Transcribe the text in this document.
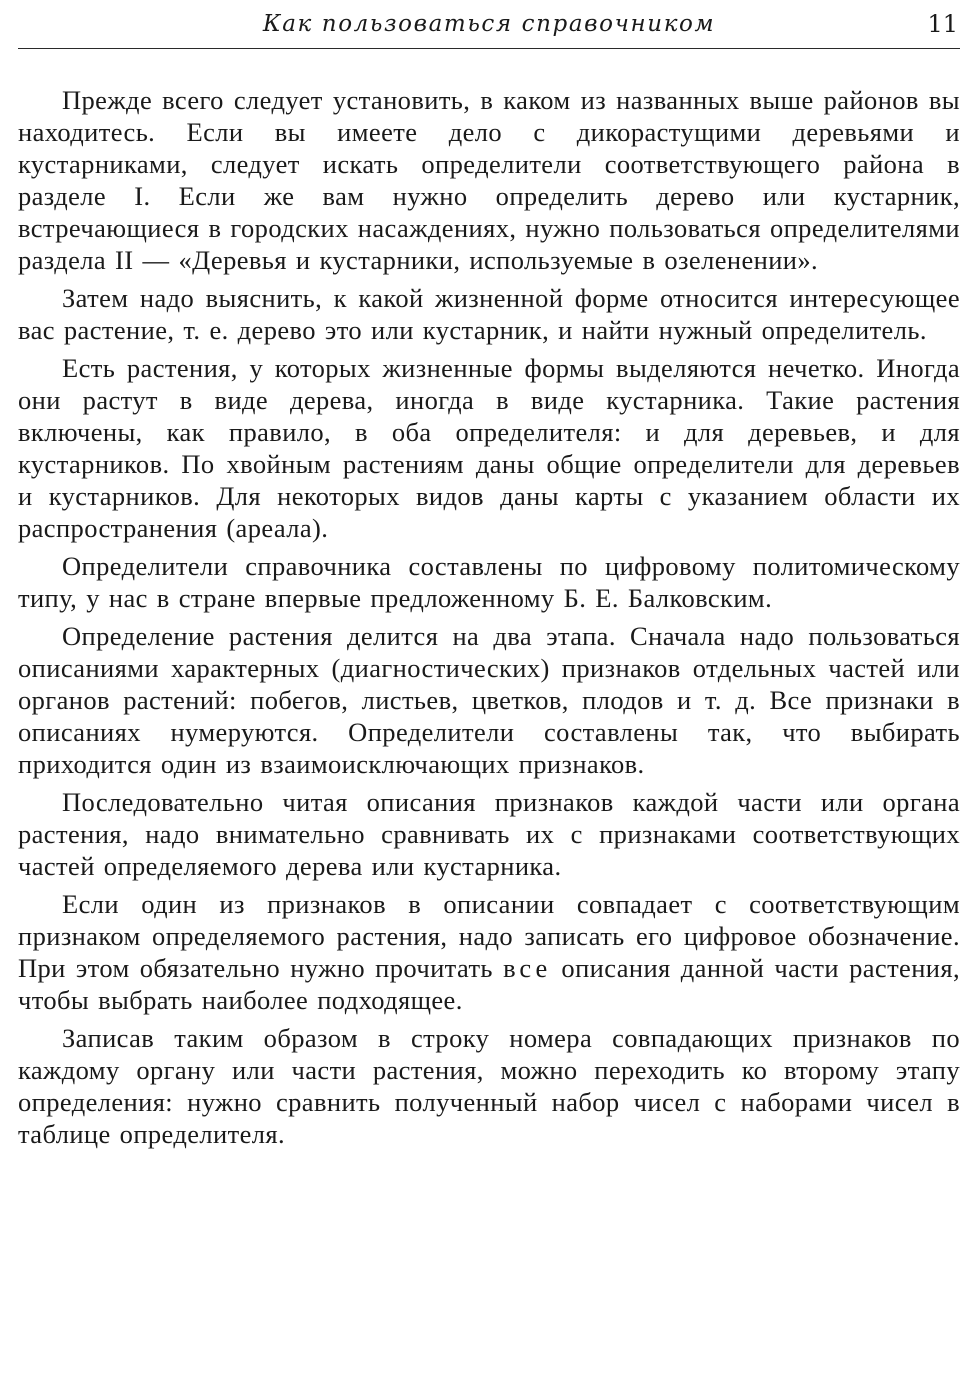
Как пользоваться справочником	11

Прежде всего следует установить, в каком из названных выше районов вы находитесь. Если вы имеете дело с дикорастущими деревьями и кустарниками, следует искать определители соответствующего района в разделе I. Если же вам нужно определить дерево или кустарник, встречающиеся в городских насаждениях, нужно пользоваться определителями раздела II — «Деревья и кустарники, используемые в озеленении».

Затем надо выяснить, к какой жизненной форме относится интересующее вас растение, т. е. дерево это или кустарник, и найти нужный определитель.

Есть растения, у которых жизненные формы выделяются нечетко. Иногда они растут в виде дерева, иногда в виде кустарника. Такие растения включены, как правило, в оба определителя: и для деревьев, и для кустарников. По хвойным растениям даны общие определители для деревьев и кустарников. Для некоторых видов даны карты с указанием области их распространения (ареала).

Определители справочника составлены по цифровому политомическому типу, у нас в стране впервые предложенному Б. Е. Балковским.

Определение растения делится на два этапа. Сначала надо пользоваться описаниями характерных (диагностических) признаков отдельных частей или органов растений: побегов, листьев, цветков, плодов и т. д. Все признаки в описаниях нумеруются. Определители составлены так, что выбирать приходится один из взаимоисключающих признаков.

Последовательно читая описания признаков каждой части или органа растения, надо внимательно сравнивать их с признаками соответствующих частей определяемого дерева или кустарника.

Если один из признаков в описании совпадает с соответствующим признаком определяемого растения, надо записать его цифровое обозначение. При этом обязательно нужно прочитать все описания данной части растения, чтобы выбрать наиболее подходящее.

Записав таким образом в строку номера совпадающих признаков по каждому органу или части растения, можно переходить ко второму этапу определения: нужно сравнить полученный набор чисел с наборами чисел в таблице определителя.
